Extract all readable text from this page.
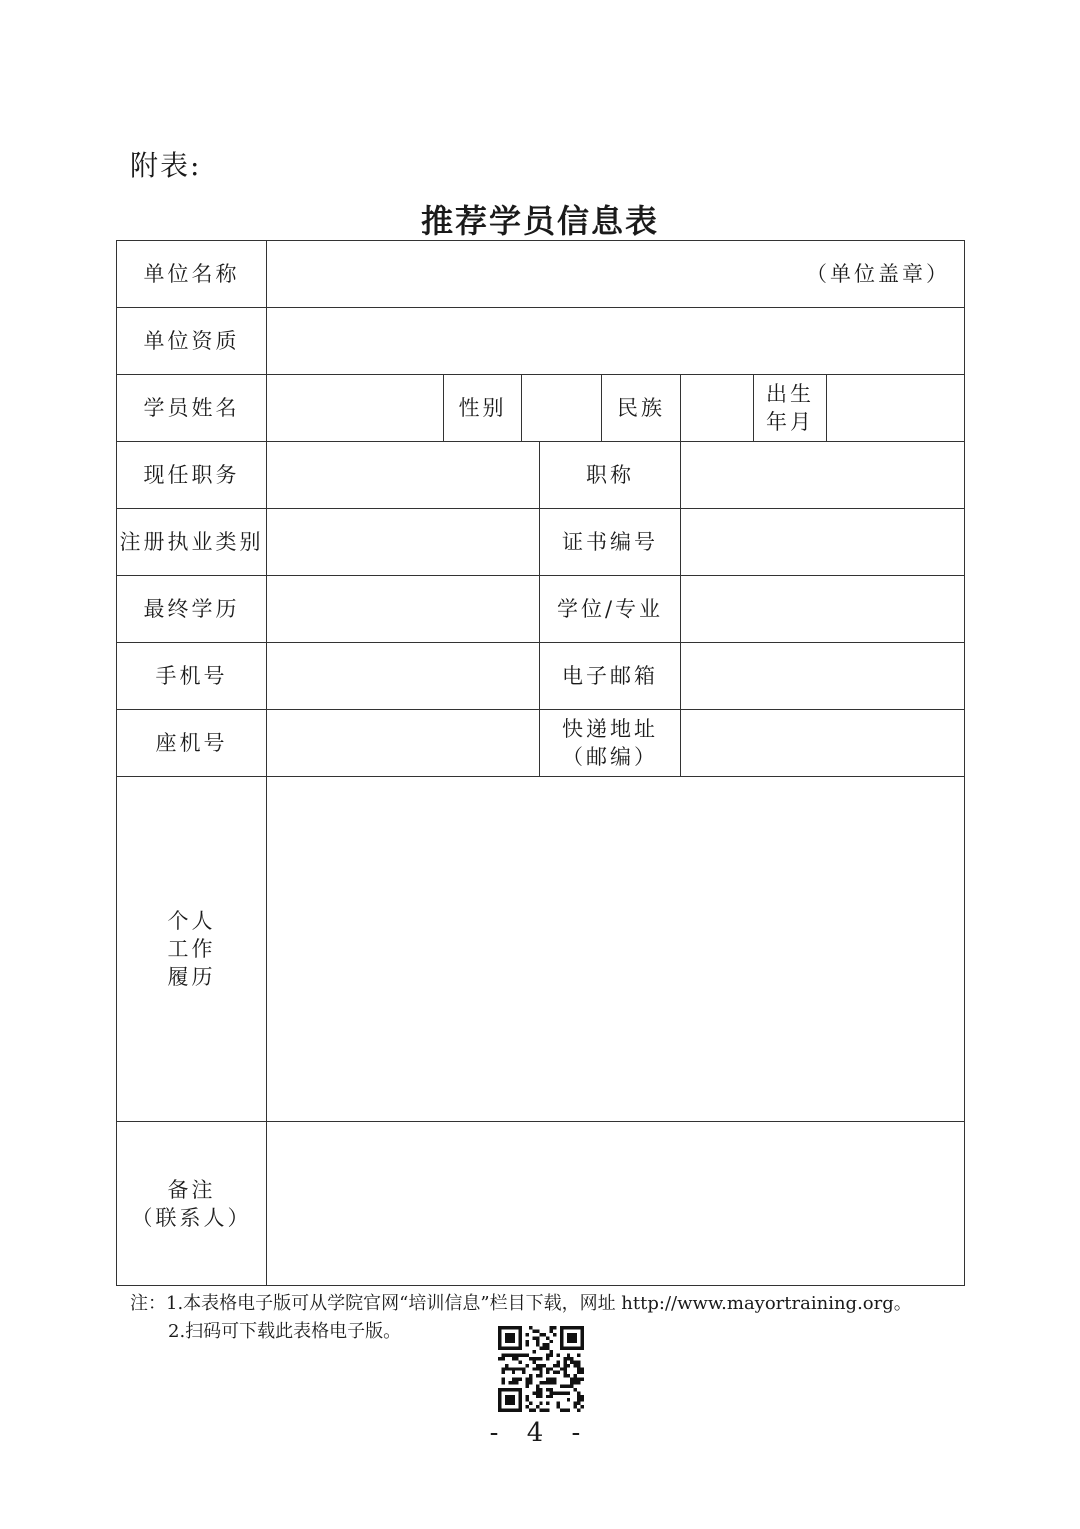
附表:
推荐学员信息表
单位名称	（单位盖章）							
单位资质								
学员姓名		性别			民族		出生
年月	

现任职务				职称				
注册执业类别				证书编号				
最终学历				学位/专业				
手机号				电子邮箱				
座机号				快递地址
（邮编）				

个人
工作
履历								

备注
（联系人）								

注：1.本表格电子版可从学院官网“培训信息”栏目下载，网址 http://www.mayortraining.org。
2.扫码可下载此表格电子版。
- 4 -
